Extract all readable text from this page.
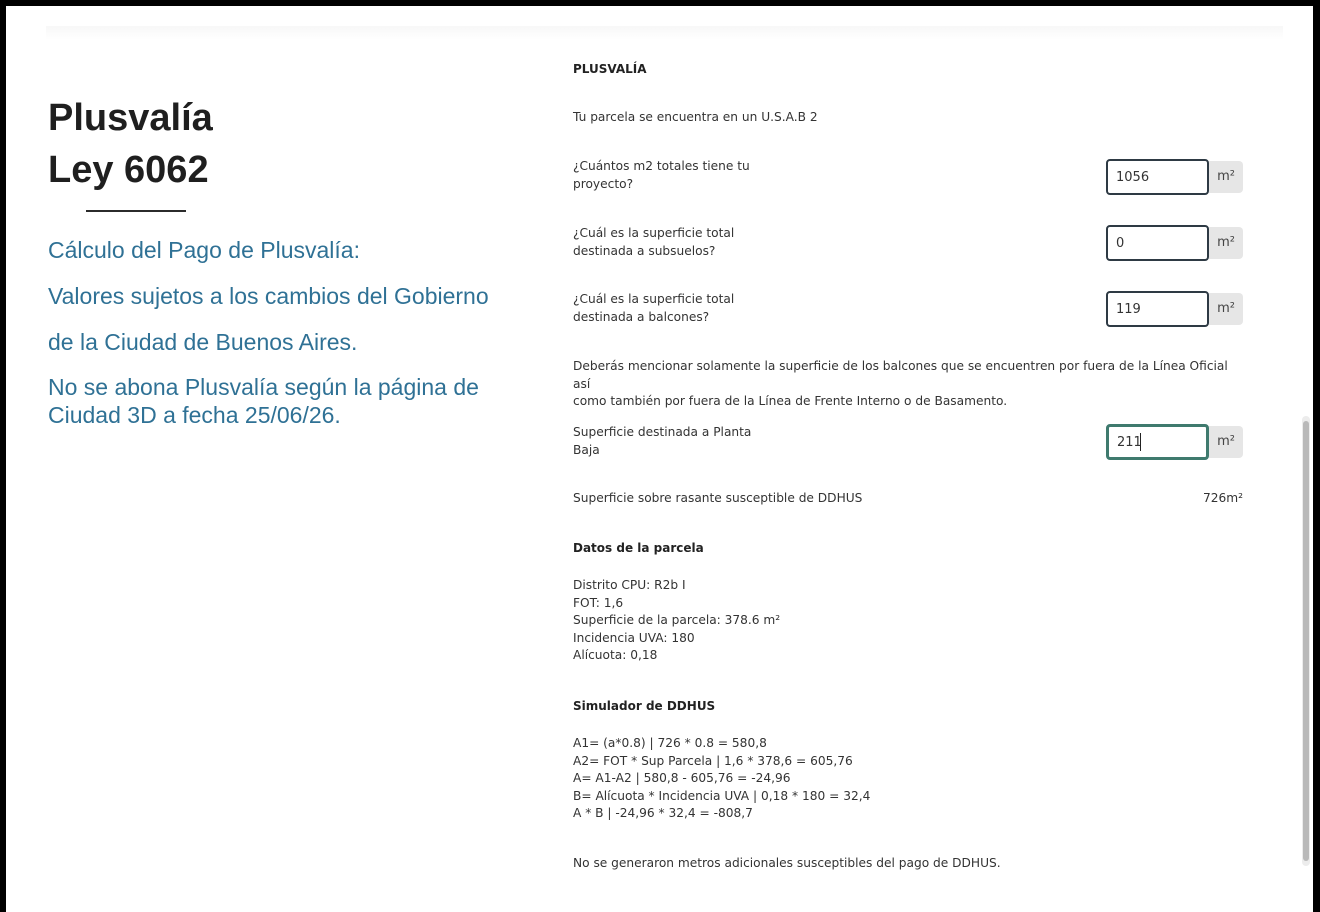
Plusvalía
Ley 6062
Cálculo del Pago de Plusvalía:
Valores sujetos a los cambios del Gobierno
de la Ciudad de Buenos Aires.
No se abona Plusvalía según la página de
Ciudad 3D a fecha 25/06/26.
PLUSVALÍA
Tu parcela se encuentra en un U.S.A.B 2
¿Cuántos m2 totales tiene tu
proyecto?
1056	m²
¿Cuál es la superficie total
destinada a subsuelos?
0
m²
¿Cuál es la superficie total
destinada a balcones?
119
m²
Deberás mencionar solamente la superficie de los balcones que se encuentren por fuera de la Línea Oficial así
como también por fuera de la Línea de Frente Interno o de Basamento.
Superficie destinada a Planta
Baja
211
m²
Superficie sobre rasante susceptible de DDHUS	726m²
Datos de la parcela
Distrito CPU: R2b I
FOT: 1,6
Superficie de la parcela: 378.6 m²
Incidencia UVA: 180
Alícuota: 0,18
Simulador de DDHUS
A1= (a*0.8) | 726 * 0.8 = 580,8
A2= FOT * Sup Parcela | 1,6 * 378,6 = 605,76
A= A1-A2 | 580,8 - 605,76 = -24,96
B= Alícuota * Incidencia UVA | 0,18 * 180 = 32,4
A * B | -24,96 * 32,4 = -808,7
No se generaron metros adicionales susceptibles del pago de DDHUS.
